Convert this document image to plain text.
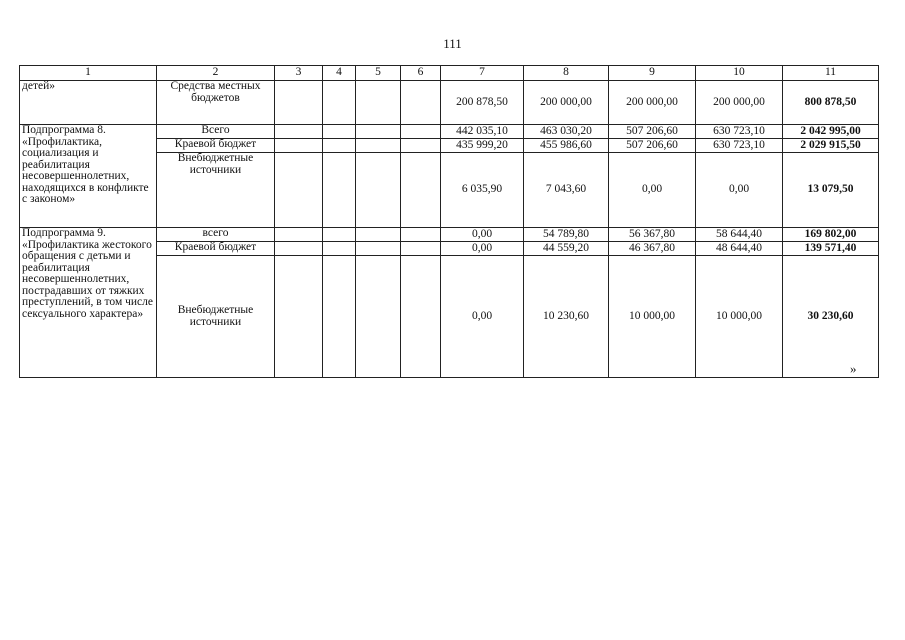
111
1	2	3	4	5	6	7	8	9	10	11
детей»	Средства местных бюджетов					200 878,50	200 000,00	200 000,00	200 000,00	800 878,50
Подпрограмма 8. «Профилактика, социализация и реабилитация несовершеннолетних, находящихся в конфликте с законом»	Всего					442 035,10	463 030,20	507 206,60	630 723,10	2 042 995,00
	Краевой бюджет					435 999,20	455 986,60	507 206,60	630 723,10	2 029 915,50
	Внебюджетные источники					6 035,90	7 043,60	0,00	0,00	13 079,50
Подпрограмма 9. «Профилактика жестокого обращения с детьми и реабилитация несовершеннолетних, пострадавших от тяжких преступлений, в том числе сексуального характера»	всего					0,00	54 789,80	56 367,80	58 644,40	169 802,00
	Краевой бюджет					0,00	44 559,20	46 367,80	48 644,40	139 571,40
	Внебюджетные источники					0,00	10 230,60	10 000,00	10 000,00	30 230,60
»
